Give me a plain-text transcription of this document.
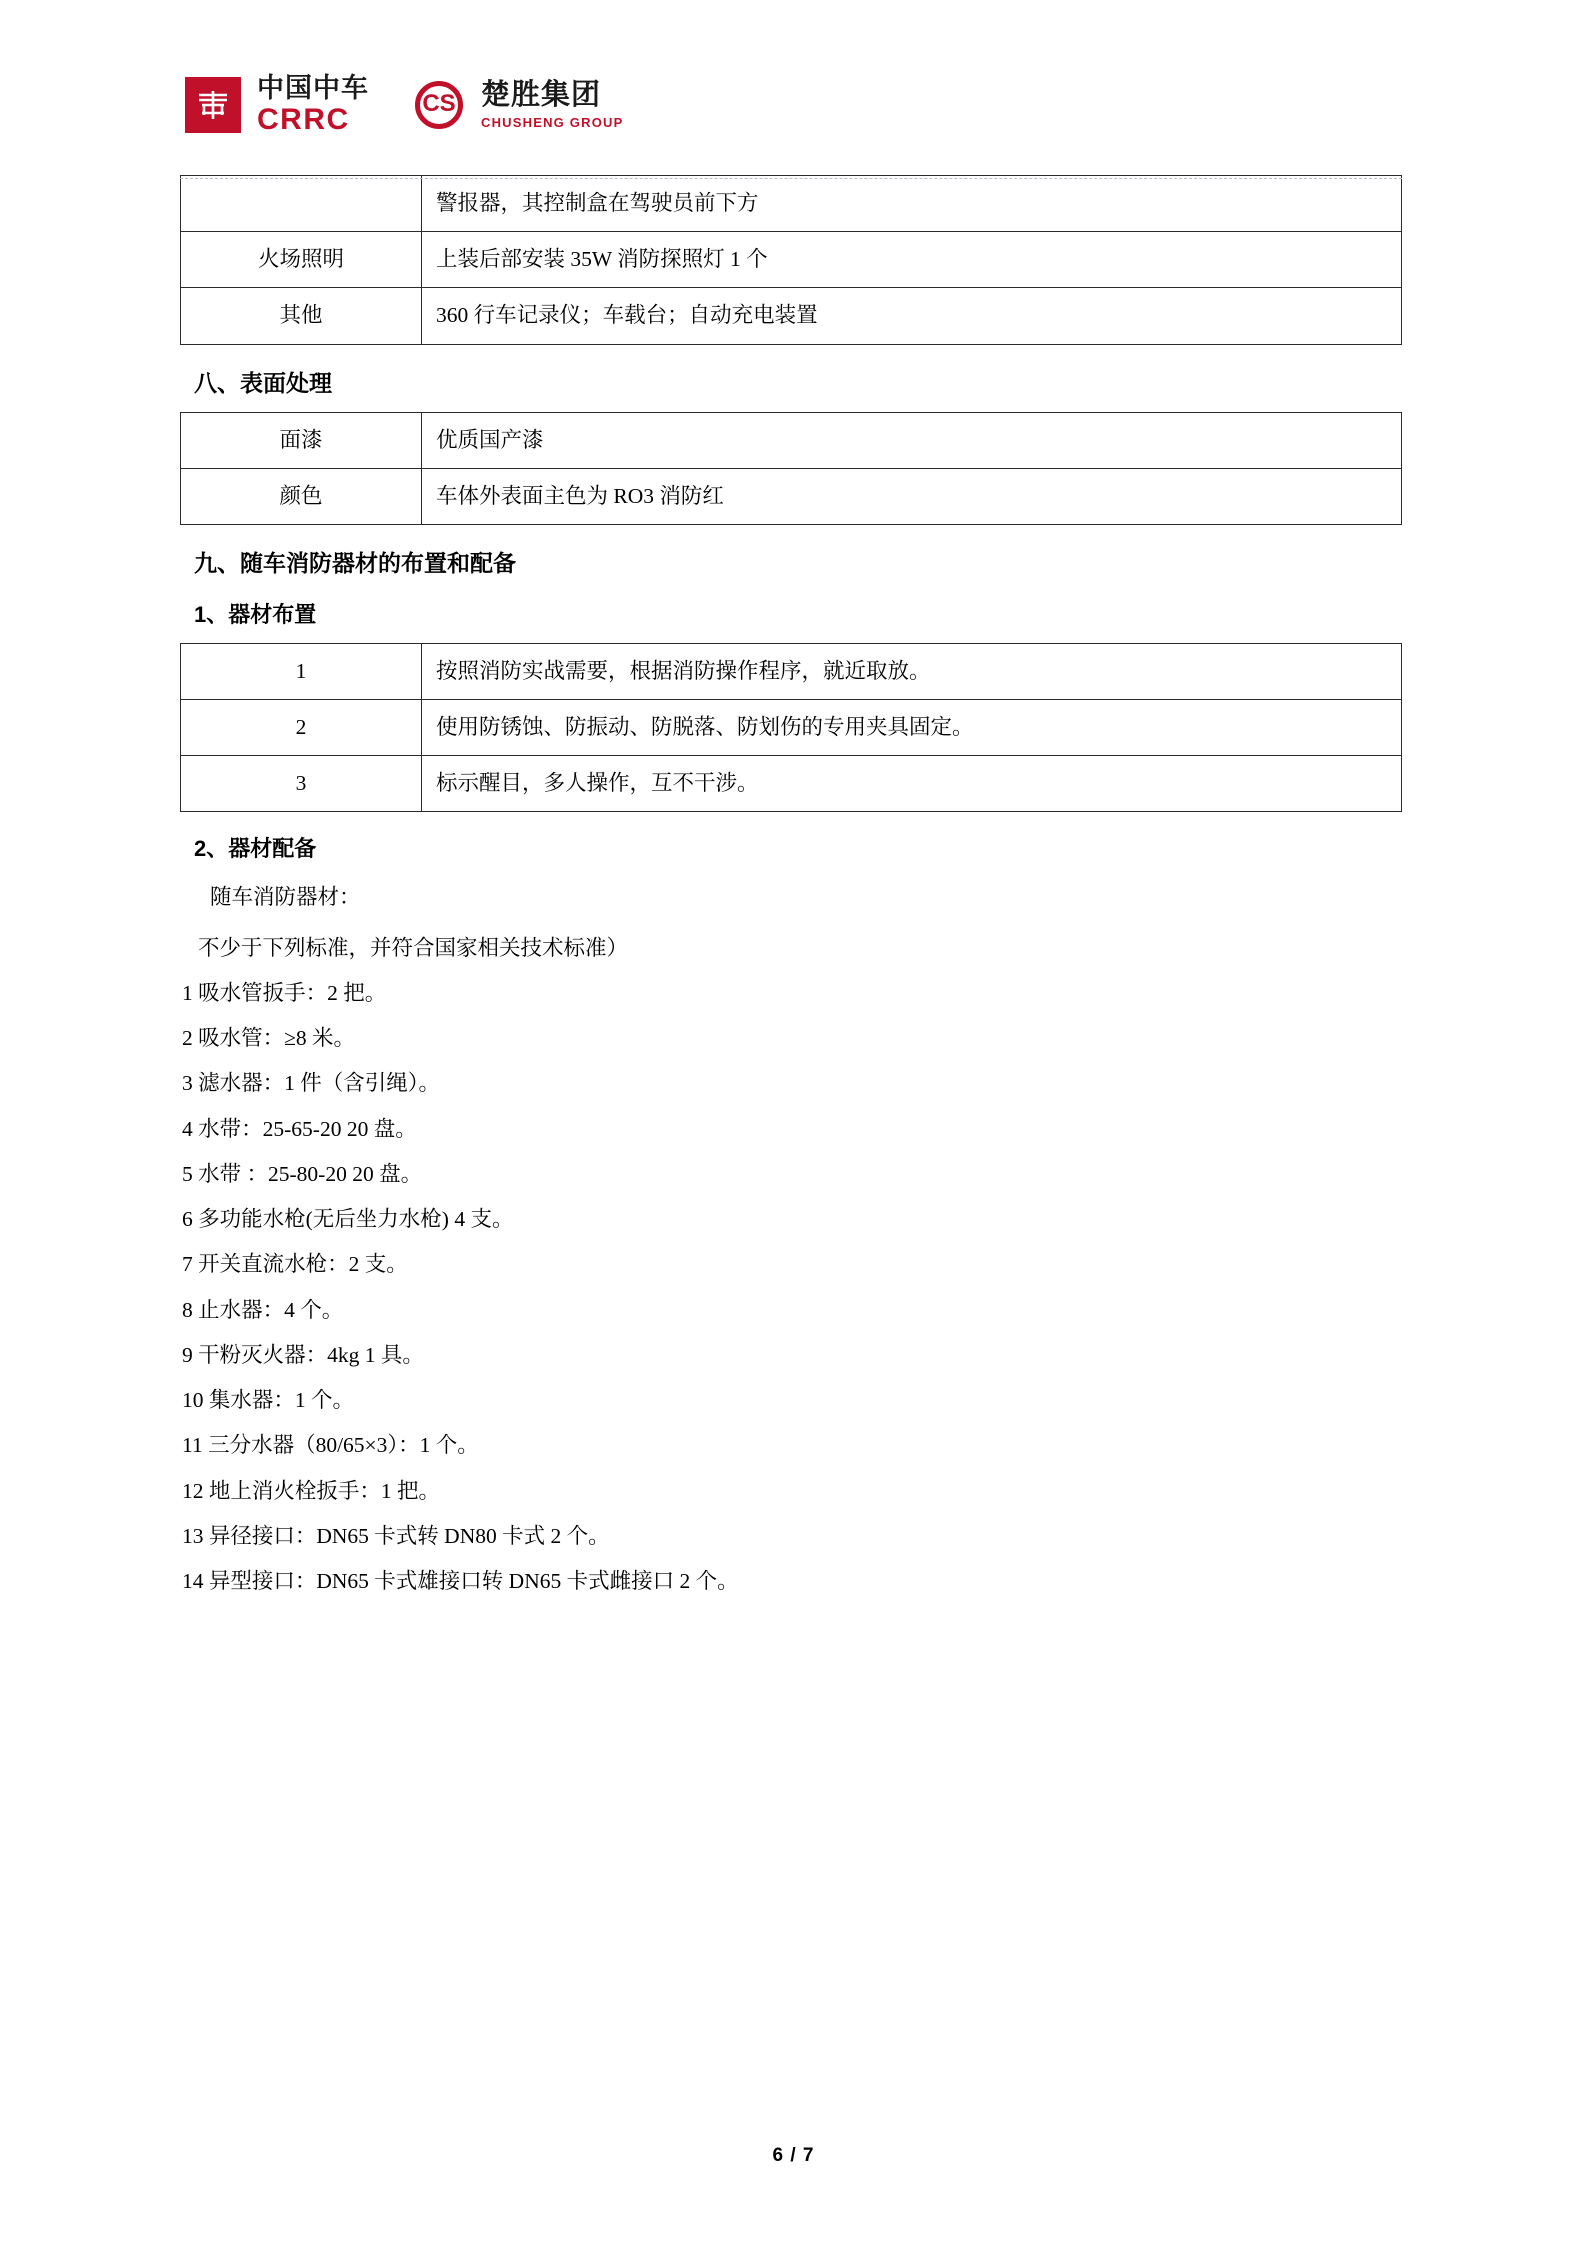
中国中车
CRRC	CS 楚胜集团
CHUSHENG GROUP
	警报器，其控制盒在驾驶员前下方
火场照明	上装后部安装 35W 消防探照灯 1 个
其他	360 行车记录仪；车载台；自动充电装置
八、表面处理
面漆	优质国产漆
颜色	车体外表面主色为 RO3 消防红
九、随车消防器材的布置和配备
1、器材布置
1	按照消防实战需要，根据消防操作程序，就近取放。
2	使用防锈蚀、防振动、防脱落、防划伤的专用夹具固定。
3	标示醒目，多人操作，互不干涉。
2、器材配备
随车消防器材：
不少于下列标准，并符合国家相关技术标准）
1 吸水管扳手：2 把。
2 吸水管：≥8 米。
3 滤水器：1 件（含引绳）。
4 水带：25-65-20 20 盘。
5 水带 ：25-80-20 20 盘。
6 多功能水枪(无后坐力水枪) 4 支。
7 开关直流水枪：2 支。
8 止水器：4 个。
9 干粉灭火器：4kg 1 具。
10 集水器：1 个。
11 三分水器（80/65×3）：1 个。
12 地上消火栓扳手：1 把。
13 异径接口：DN65 卡式转 DN80 卡式 2 个。
14 异型接口：DN65 卡式雄接口转 DN65 卡式雌接口 2 个。
6 / 7
